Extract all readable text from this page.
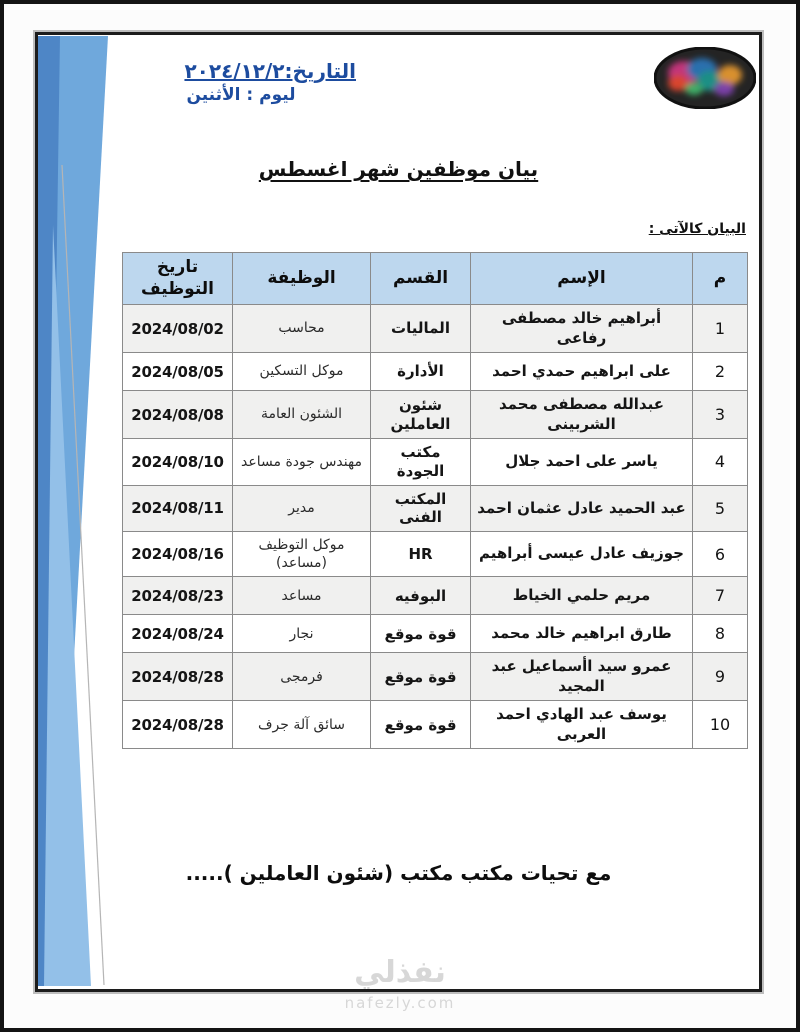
التاريخ:٢٠٢٤/١٢/٢
ليوم : الأثنين
بيان موظفين شهر اغسطس
البيان كالآتى :
م	الإسم	القسم	الوظيفة	تاريخ التوظيف
1	أبراهيم خالد مصطفى رفاعى	الماليات	محاسب	2024/08/02
2	على ابراهيم حمدي احمد	الأدارة	موكل التسكين	2024/08/05
3	عبدالله مصطفى محمد الشربينى	شئون العاملين	الشئون العامة	2024/08/08
4	ياسر على احمد جلال	مكتب الجودة	مهندس جودة مساعد	2024/08/10
5	عبد الحميد عادل عثمان احمد	المكتب الفنى	مدير	2024/08/11
6	جوزيف عادل عيسى أبراهيم	HR	موكل التوظيف (مساعد)	2024/08/16
7	مريم حلمي الخياط	البوفيه	مساعد	2024/08/23
8	طارق ابراهيم خالد محمد	قوة موقع	نجار	2024/08/24
9	عمرو سيد اأسماعيل عبد المجيد	قوة موقع	فرمجى	2024/08/28
10	يوسف عبد الهادي احمد العربى	قوة موقع	سائق آلة جرف	2024/08/28
مع تحيات مكتب مكتب (شئون العاملين ).....
نفذلي
nafezly.com
